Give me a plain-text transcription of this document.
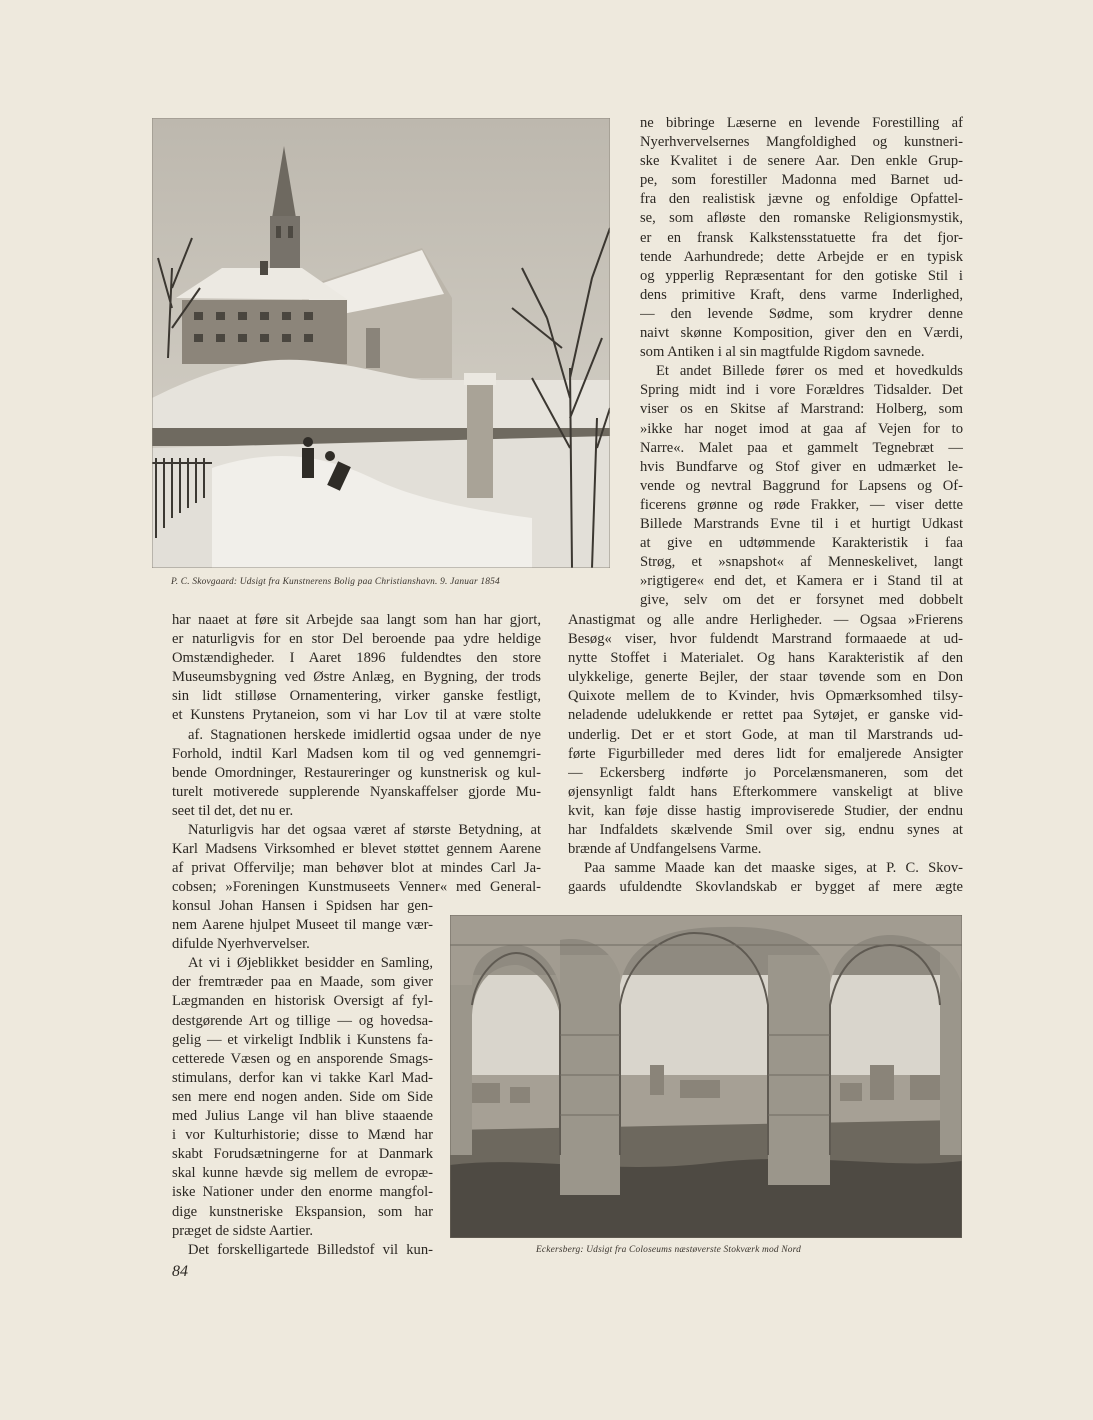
P. C. Skovgaard: Udsigt fra Kunstnerens Bolig paa Christianshavn. 9. Januar 1854
ne bibringe Læserne en levende Forestilling af
Nyerhvervelsernes Mangfoldighed og kunstneri-
ske Kvalitet i de senere Aar. Den enkle Grup-
pe, som forestiller Madonna med Barnet ud-
fra den realistisk jævne og enfoldige Opfattel-
se, som afløste den romanske Religionsmystik,
er en fransk Kalkstensstatuette fra det fjor-
tende Aarhundrede; dette Arbejde er en typisk
og ypperlig Repræsentant for den gotiske Stil i
dens primitive Kraft, dens varme Inderlighed,
— den levende Sødme, som krydrer denne
naivt skønne Komposition, giver den en Værdi,
som Antiken i al sin magtfulde Rigdom savnede.
Et andet Billede fører os med et hovedkulds
Spring midt ind i vore Forældres Tidsalder. Det
viser os en Skitse af Marstrand: Holberg, som
»ikke har noget imod at gaa af Vejen for to
Narre«. Malet paa et gammelt Tegnebræt —
hvis Bundfarve og Stof giver en udmærket le-
vende og nevtral Baggrund for Lapsens og Of-
ficerens grønne og røde Frakker, — viser dette
Billede Marstrands Evne til i et hurtigt Udkast
at give en udtømmende Karakteristik i faa
Strøg, et »snapshot« af Menneskelivet, langt
»rigtigere« end det, et Kamera er i Stand til at
give, selv om det er forsynet med dobbelt
Anastigmat og alle andre Herligheder. — Ogsaa »Frierens
Besøg« viser, hvor fuldendt Marstrand formaaede at ud-
nytte Stoffet i Materialet. Og hans Karakteristik af den
ulykkelige, generte Bejler, der staar tøvende som en Don
Quixote mellem de to Kvinder, hvis Opmærksomhed tilsy-
neladende udelukkende er rettet paa Sytøjet, er ganske vid-
underlig. Det er et stort Gode, at man til Marstrands ud-
førte Figurbilleder med deres lidt for emaljerede Ansigter
— Eckersberg indførte jo Porcelænsmaneren, som det
øjensynligt faldt hans Efterkommere vanskeligt at blive
kvit, kan føje disse hastig improviserede Studier, der endnu
har Indfaldets skælvende Smil over sig, endnu synes at
brænde af Undfangelsens Varme.
Paa samme Maade kan det maaske siges, at P. C. Skov-
gaards ufuldendte Skovlandskab er bygget af mere ægte
har naaet at føre sit Arbejde saa langt som han har gjort,
er naturligvis for en stor Del beroende paa ydre heldige
Omstændigheder. I Aaret 1896 fuldendtes den store
Museumsbygning ved Østre Anlæg, en Bygning, der trods
sin lidt stilløse Ornamentering, virker ganske festligt,
et Kunstens Prytaneion, som vi har Lov til at være stolte
af. Stagnationen herskede imidlertid ogsaa under de nye
Forhold, indtil Karl Madsen kom til og ved gennemgri-
bende Omordninger, Restaureringer og kunstnerisk og kul-
turelt motiverede supplerende Nyanskaffelser gjorde Mu-
seet til det, det nu er.
Naturligvis har det ogsaa været af største Betydning, at
Karl Madsens Virksomhed er blevet støttet gennem Aarene
af privat Offervilje; man behøver blot at mindes Carl Ja-
cobsen; »Foreningen Kunstmuseets Venner« med General-
konsul Johan Hansen i Spidsen har gen-
nem Aarene hjulpet Museet til mange vær-
difulde Nyerhvervelser.
At vi i Øjeblikket besidder en Samling,
der fremtræder paa en Maade, som giver
Lægmanden en historisk Oversigt af fyl-
destgørende Art og tillige — og hovedsa-
gelig — et virkeligt Indblik i Kunstens fa-
cetterede Væsen og en ansporende Smags-
stimulans, derfor kan vi takke Karl Mad-
sen mere end nogen anden. Side om Side
med Julius Lange vil han blive staaende
i vor Kulturhistorie; disse to Mænd har
skabt Forudsætningerne for at Danmark
skal kunne hævde sig mellem de evropæ-
iske Nationer under den enorme mangfol-
dige kunstneriske Ekspansion, som har
præget de sidste Aartier.
Det forskelligartede Billedstof vil kun-	Eckersberg: Udsigt fra Coloseums næstøverste Stokværk mod Nord
84
